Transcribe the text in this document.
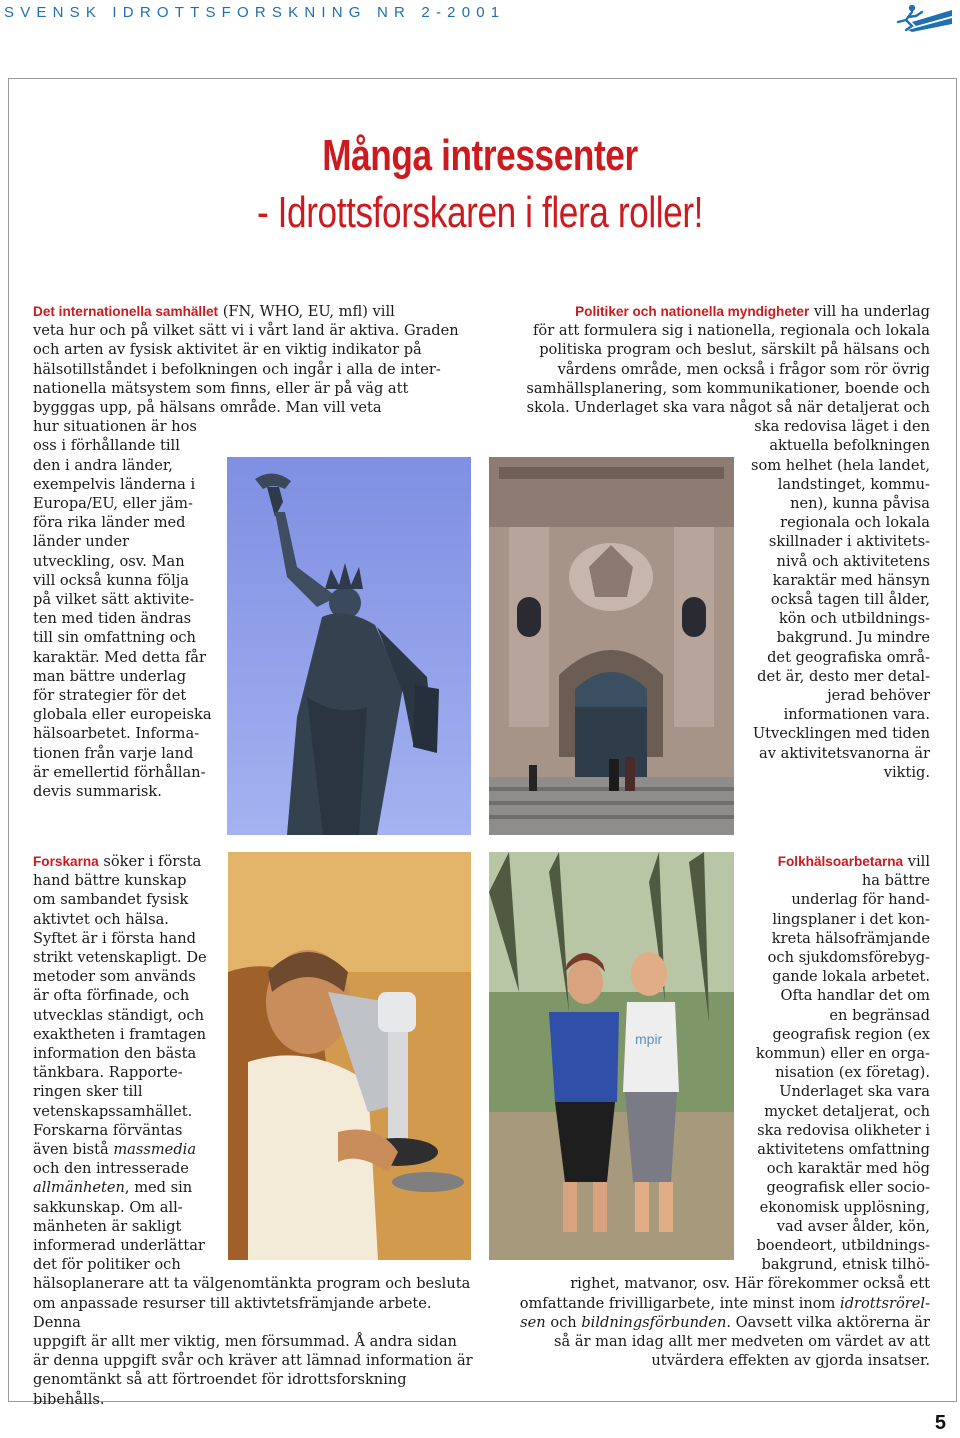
SVENSK IDROTTSFORSKNING NR 2-2001
Många intressenter
- Idrottsforskaren i flera roller!

Det internationella samhället (FN, WHO, EU, mfl) vill
veta hur och på vilket sätt vi i vårt land är aktiva. Graden
och arten av fysisk aktivitet är en viktig indikator på
hälsotillståndet i befolkningen och ingår i alla de inter-
nationella mätsystem som finns, eller är på väg att
bygggas upp, på hälsans område. Man vill veta
hur situationen är hos
oss i förhållande till
den i andra länder,
exempelvis länderna i
Europa/EU, eller jäm-
föra rika länder med
länder under
utveckling, osv. Man
vill också kunna följa
på vilket sätt aktivite-
ten med tiden ändras
till sin omfattning och
karaktär. Med detta får
man bättre underlag
för strategier för det
globala eller europeiska
hälsoarbetet. Informa-
tionen från varje land
är emellertid förhållan-
devis summarisk.

Politiker och nationella myndigheter vill ha underlag
för att formulera sig i nationella, regionala och lokala
politiska program och beslut, särskilt på hälsans och
vårdens område, men också i frågor som rör övrig
samhällsplanering, som kommunikationer, boende och
skola. Underlaget ska vara något så när detaljerat och
ska redovisa läget i den
aktuella befolkningen
som helhet (hela landet,
landstinget, kommu-
nen), kunna påvisa
regionala och lokala
skillnader i aktivitets-
nivå och aktivitetens
karaktär med hänsyn
också tagen till ålder,
kön och utbildnings-
bakgrund. Ju mindre
det geografiska områ-
det är, desto mer detal-
jerad behöver
informationen vara.
Utvecklingen med tiden
av aktivitetsvanorna är
viktig.

Forskarna söker i första
hand bättre kunskap
om sambandet fysisk
aktivtet och hälsa.
Syftet är i första hand
strikt vetenskapligt. De
metoder som används
är ofta förfinade, och
utvecklas ständigt, och
exaktheten i framtagen
information den bästa
tänkbara. Rapporte-
ringen sker till
vetenskapssamhället.
Forskarna förväntas
även bistå massmedia
och den intresserade
allmänheten, med sin
sakkunskap. Om all-
mänheten är sakligt
informerad underlättar
det för politiker och
hälsoplanerare att ta välgenomtänkta program och besluta
om anpassade resurser till aktivtetsfrämjande arbete. Denna
uppgift är allt mer viktig, men försummad. Å andra sidan
är denna uppgift svår och kräver att lämnad information är
genomtänkt så att förtroendet för idrottsforskning bibehålls.

mpir

Folkhälsoarbetarna vill
ha bättre
underlag för hand-
lingsplaner i det kon-
kreta hälsofrämjande
och sjukdomsförebyg-
gande lokala arbetet.
Ofta handlar det om
en begränsad
geografisk region (ex
kommun) eller en orga-
nisation (ex företag).
Underlaget ska vara
mycket detaljerat, och
ska redovisa olikheter i
aktivitetens omfattning
och karaktär med hög
geografisk eller socio-
ekonomisk upplösning,
vad avser ålder, kön,
boendeort, utbildnings-
bakgrund, etnisk tilhö-
righet, matvanor, osv. Här förekommer också ett
omfattande frivilligarbete, inte minst inom idrottsrörel-
sen och bildningsförbunden. Oavsett vilka aktörerna är
så är man idag allt mer medveten om värdet av att
utvärdera effekten av gjorda insatser.

5
